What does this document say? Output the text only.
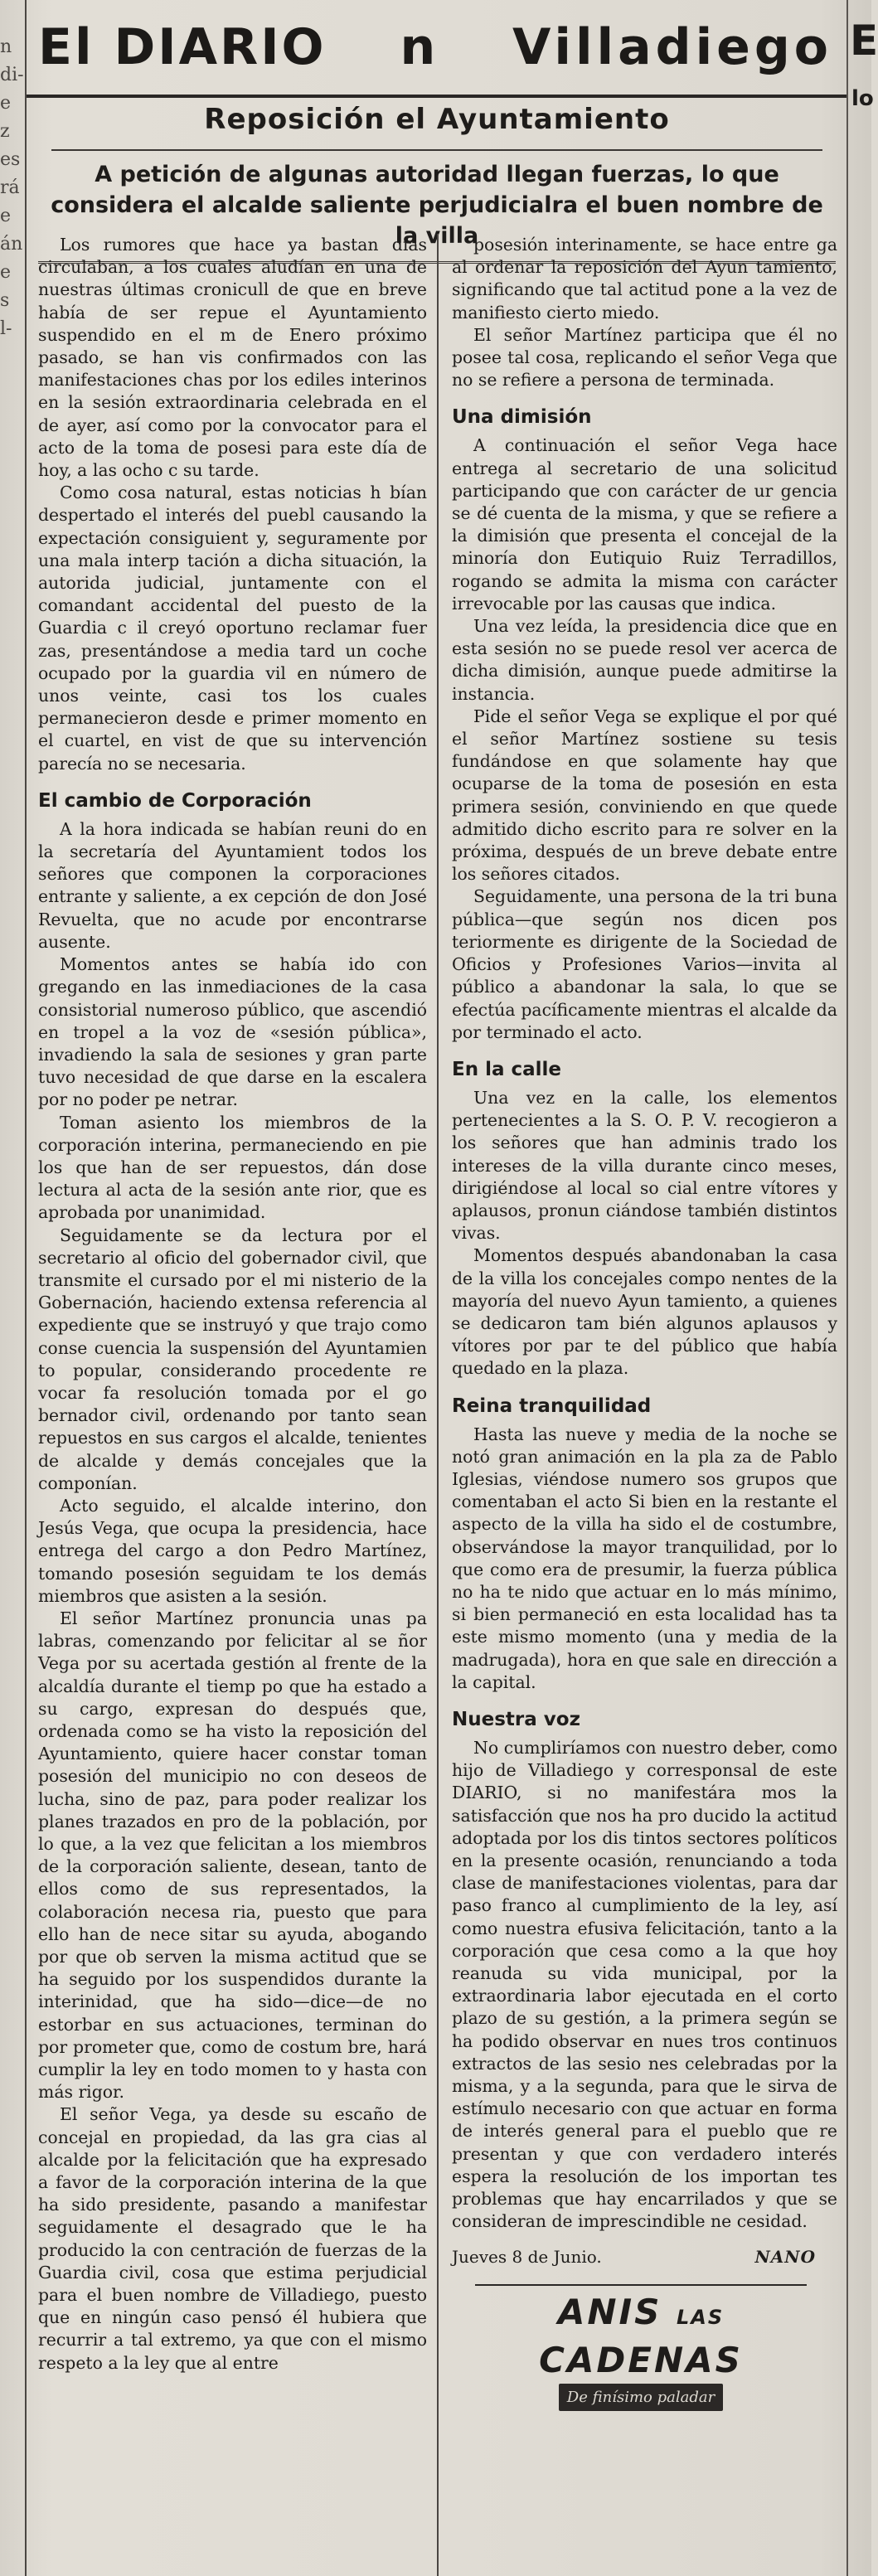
n
di-
e
z
es
rá
e
án
e
s
l-
El DIARIO n Villadiego
Reposición el Ayuntamiento
A petición de algunas autoridad llegan fuerzas, lo que considera el alcalde saliente perjudicialra el buen nombre de la villa

Los rumores que hace ya bastan días circulaban, a los cuales aludían en una de nuestras últimas cronicull de que en breve había de ser repue el Ayuntamiento suspendido en el m de Enero próximo pasado, se han vis confirmados con las manifestaciones chas por los ediles interinos en la sesión extraordinaria celebrada en el de ayer, así como por la convocator para el acto de la toma de posesi para este día de hoy, a las ocho c su tarde.

Como cosa natural, estas noticias h bían despertado el interés del puebl causando la expectación consiguient y, seguramente por una mala interp tación a dicha situación, la autorida judicial, juntamente con el comandant accidental del puesto de la Guardia c il creyó oportuno reclamar fuer zas, presentándose a media tard un coche ocupado por la guardia vil en número de unos veinte, casi tos los cuales permanecieron desde e primer momento en el cuartel, en vist de que su intervención parecía no se necesaria.

El cambio de Corporación

A la hora indicada se habían reuni do en la secretaría del Ayuntamient todos los señores que componen la corporaciones entrante y saliente, a ex cepción de don José Revuelta, que no acude por encontrarse ausente.

Momentos antes se había ido con gregando en las inmediaciones de la casa consistorial numeroso público, que ascendió en tropel a la voz de «sesión pública», invadiendo la sala de sesiones y gran parte tuvo necesidad de que darse en la escalera por no poder pe netrar.

Toman asiento los miembros de la corporación interina, permaneciendo en pie los que han de ser repuestos, dán dose lectura al acta de la sesión ante rior, que es aprobada por unanimidad.

Seguidamente se da lectura por el secretario al oficio del gobernador civil, que transmite el cursado por el mi nisterio de la Gobernación, haciendo extensa referencia al expediente que se instruyó y que trajo como conse cuencia la suspensión del Ayuntamien to popular, considerando procedente re vocar fa resolución tomada por el go bernador civil, ordenando por tanto sean repuestos en sus cargos el alcalde, tenientes de alcalde y demás concejales que la componían.

Acto seguido, el alcalde interino, don Jesús Vega, que ocupa la presidencia, hace entrega del cargo a don Pedro Martínez, tomando posesión seguidam te los demás miembros que asisten a la sesión.

El señor Martínez pronuncia unas pa labras, comenzando por felicitar al se ñor Vega por su acertada gestión al frente de la alcaldía durante el tiemp po que ha estado a su cargo, expresan do después que, ordenada como se ha visto la reposición del Ayuntamiento, quiere hacer constar toman posesión del municipio no con deseos de lucha, sino de paz, para poder realizar los planes trazados en pro de la población, por lo que, a la vez que felicitan a los miembros de la corporación saliente, desean, tanto de ellos como de sus representados, la colaboración necesa ria, puesto que para ello han de nece sitar su ayuda, abogando por que ob serven la misma actitud que se ha seguido por los suspendidos durante la interinidad, que ha sido—dice—de no estorbar en sus actuaciones, terminan do por prometer que, como de costum bre, hará cumplir la ley en todo momen to y hasta con más rigor.

El señor Vega, ya desde su escaño de concejal en propiedad, da las gra cias al alcalde por la felicitación que ha expresado a favor de la corporación interina de la que ha sido presidente, pasando a manifestar seguidamente el desagrado que le ha producido la con centración de fuerzas de la Guardia civil, cosa que estima perjudicial para el buen nombre de Villadiego, puesto que en ningún caso pensó él hubiera que recurrir a tal extremo, ya que con el mismo respeto a la ley que al entre

posesión interinamente, se hace entre ga al ordenar la reposición del Ayun tamiento, significando que tal actitud pone a la vez de manifiesto cierto miedo.

El señor Martínez participa que él no posee tal cosa, replicando el señor Vega que no se refiere a persona de terminada.

Una dimisión

A continuación el señor Vega hace entrega al secretario de una solicitud participando que con carácter de ur gencia se dé cuenta de la misma, y que se refiere a la dimisión que presenta el concejal de la minoría don Eutiquio Ruiz Terradillos, rogando se admita la misma con carácter irrevocable por las causas que indica.

Una vez leída, la presidencia dice que en esta sesión no se puede resol ver acerca de dicha dimisión, aunque puede admitirse la instancia.

Pide el señor Vega se explique el por qué el señor Martínez sostiene su tesis fundándose en que solamente hay que ocuparse de la toma de posesión en esta primera sesión, conviniendo en que quede admitido dicho escrito para re solver en la próxima, después de un breve debate entre los señores citados.

Seguidamente, una persona de la tri buna pública—que según nos dicen pos teriormente es dirigente de la Sociedad de Oficios y Profesiones Varios—invita al público a abandonar la sala, lo que se efectúa pacíficamente mientras el alcalde da por terminado el acto.

En la calle

Una vez en la calle, los elementos pertenecientes a la S. O. P. V. recogieron a los señores que han adminis trado los intereses de la villa durante cinco meses, dirigiéndose al local so cial entre vítores y aplausos, pronun ciándose también distintos vivas.

Momentos después abandonaban la casa de la villa los concejales compo nentes de la mayoría del nuevo Ayun tamiento, a quienes se dedicaron tam bién algunos aplausos y vítores por par te del público que había quedado en la plaza.

Reina tranquilidad

Hasta las nueve y media de la noche se notó gran animación en la pla za de Pablo Iglesias, viéndose numero sos grupos que comentaban el acto Si bien en la restante el aspecto de la villa ha sido el de costumbre, observándose la mayor tranquilidad, por lo que como era de presumir, la fuerza pública no ha te nido que actuar en lo más mínimo, si bien permaneció en esta localidad has ta este mismo momento (una y media de la madrugada), hora en que sale en dirección a la capital.

Nuestra voz

No cumpliríamos con nuestro deber, como hijo de Villadiego y corresponsal de este DIARIO, si no manifestára mos la satisfacción que nos ha pro ducido la actitud adoptada por los dis tintos sectores políticos en la presente ocasión, renunciando a toda clase de manifestaciones violentas, para dar paso franco al cumplimiento de la ley, así como nuestra efusiva felicitación, tanto a la corporación que cesa como a la que hoy reanuda su vida municipal, por la extraordinaria labor ejecutada en el corto plazo de su gestión, a la primera según se ha podido observar en nues tros continuos extractos de las sesio nes celebradas por la misma, y a la segunda, para que le sirva de estímulo necesario con que actuar en forma de interés general para el pueblo que re presentan y que con verdadero interés espera la resolución de los importan tes problemas que hay encarrilados y que se consideran de imprescindible ne cesidad.

Jueves 8 de Junio.	NANO

ANIS LAS CADENAS
De finísimo paladar
E
lo
